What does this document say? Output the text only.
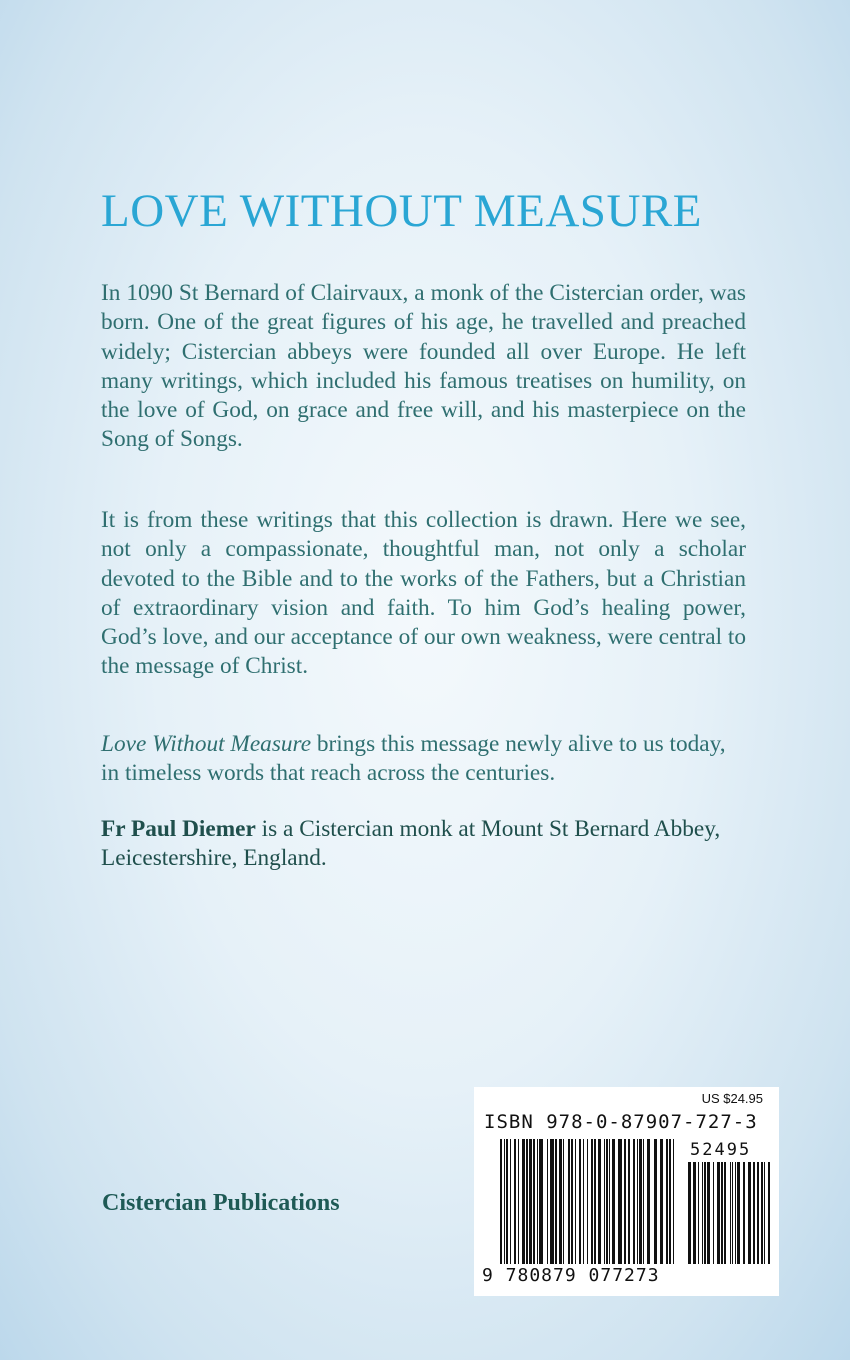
LOVE WITHOUT MEASURE

In 1090 St Bernard of Clairvaux, a monk of the Cistercian order, was born. One of the great figures of his age, he travelled and preached widely; Cistercian abbeys were founded all over Europe. He left many writings, which included his famous treatises on humility, on the love of God, on grace and free will, and his masterpiece on the Song of Songs.

It is from these writings that this collection is drawn. Here we see, not only a compassionate, thoughtful man, not only a scholar devoted to the Bible and to the works of the Fathers, but a Christian of extraordinary vision and faith. To him God’s healing power, God’s love, and our acceptance of our own weakness, were central to the message of Christ.

Love Without Measure brings this message newly alive to us today, in timeless words that reach across the centuries.

Fr Paul Diemer is a Cistercian monk at Mount St Bernard Abbey, Leicestershire, England.

Cistercian Publications

US $24.95
ISBN 978-0-87907-727-3
52495
9 780879 077273
